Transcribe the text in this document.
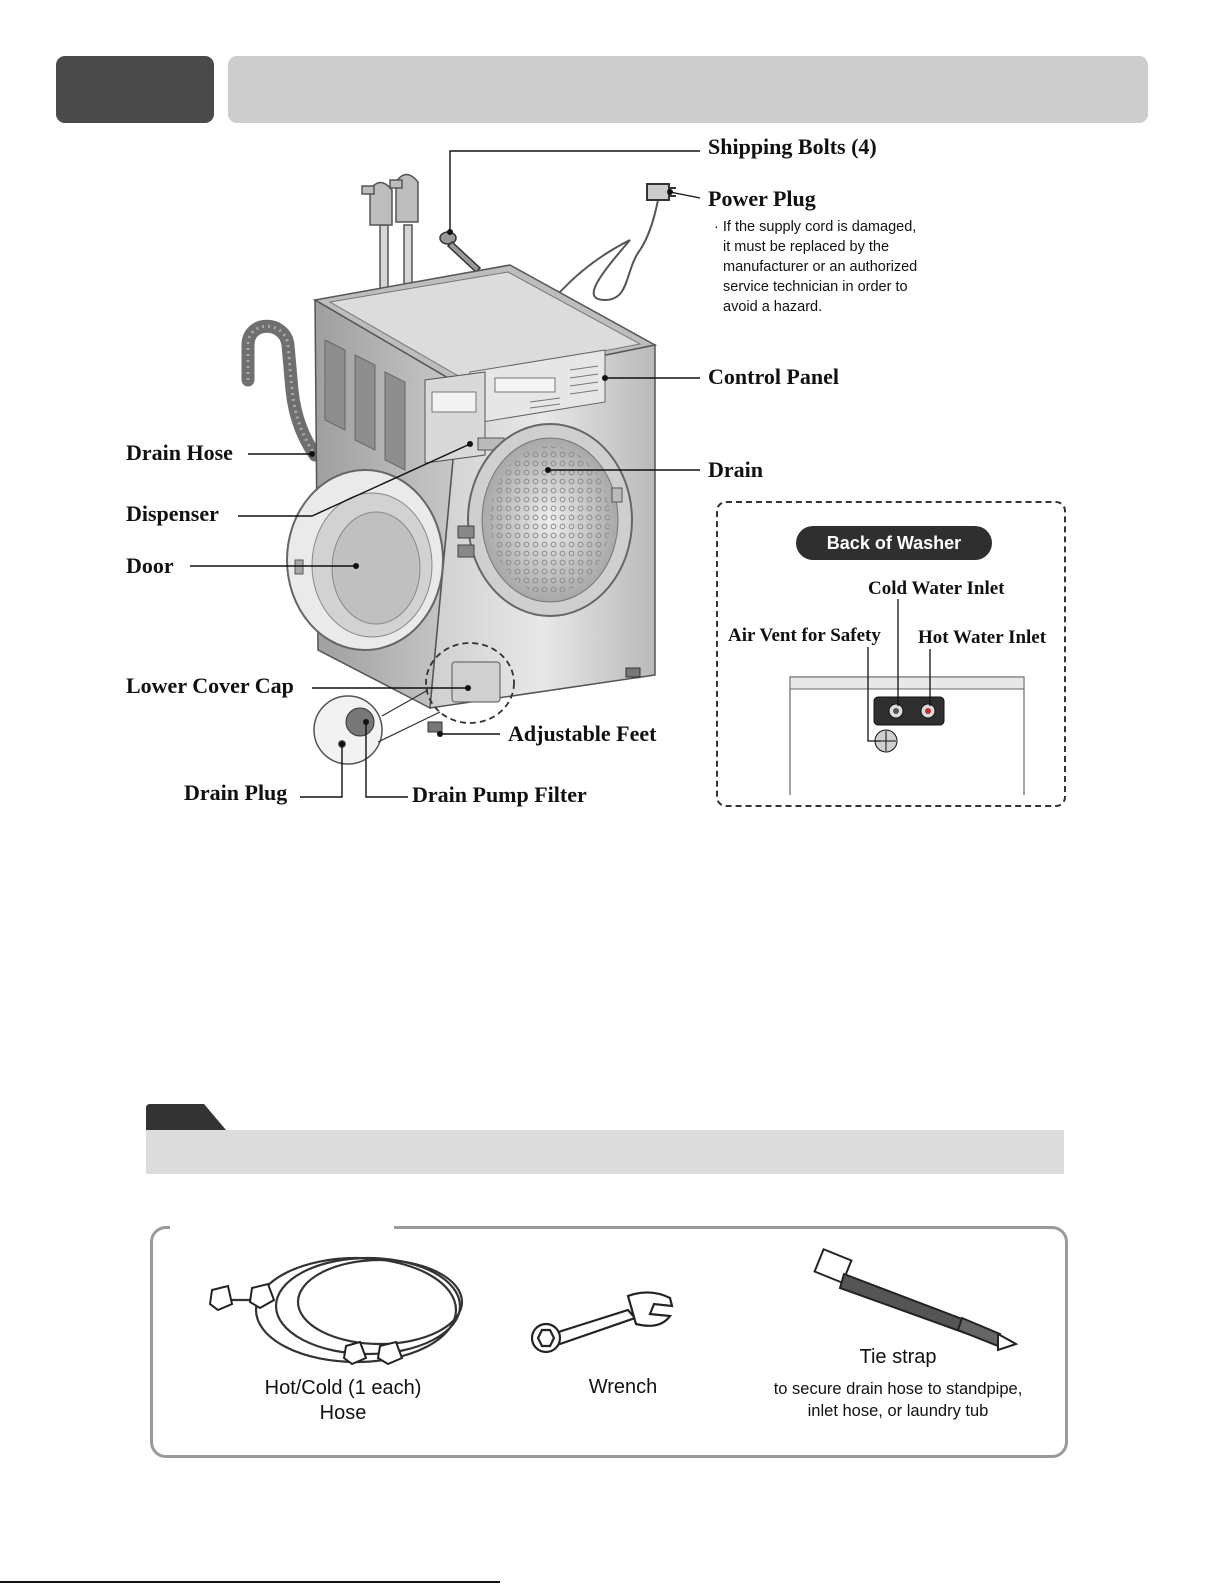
Shipping Bolts (4)
Power Plug
· If the supply cord is damaged,
it must be replaced by the
manufacturer or an authorized
service technician in order to
avoid a hazard.
Control Panel
Drain
Drain Hose
Dispenser
Door
Lower Cover Cap
Adjustable Feet
Drain Plug	Drain Pump Filter
Back of Washer
Cold Water Inlet
Air Vent for Safety Hot Water Inlet
Hot/Cold (1 each)
Hose
Wrench
Tie strap
to secure drain hose to standpipe,
inlet hose, or laundry tub
